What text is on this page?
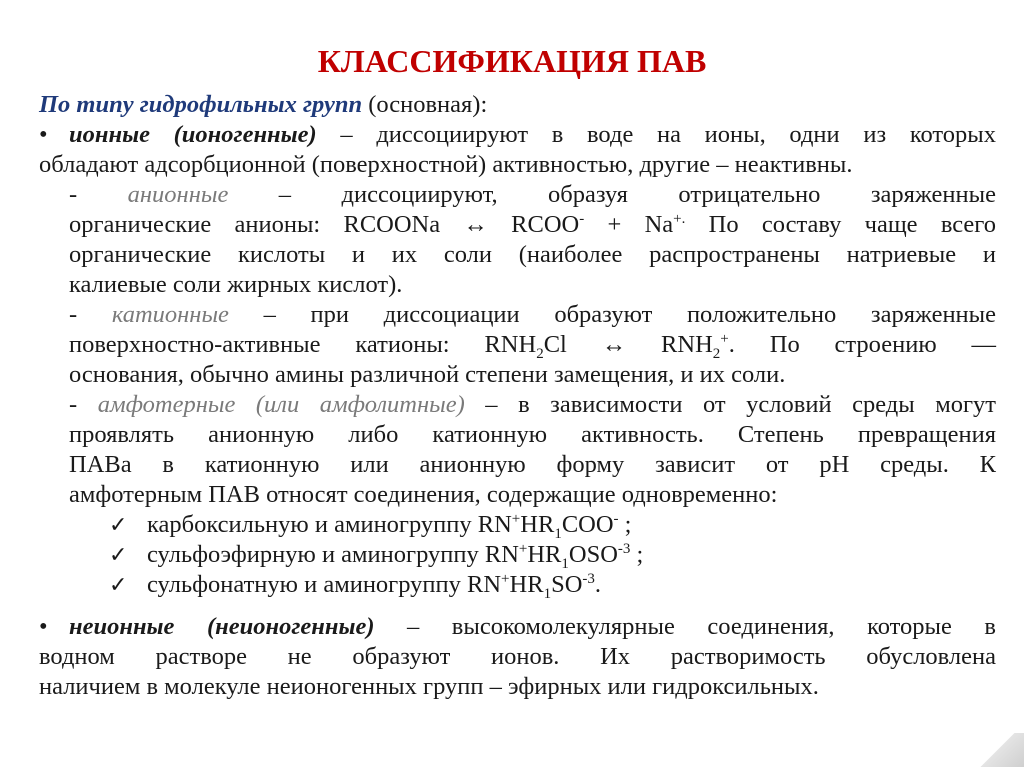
КЛАССИФИКАЦИЯ ПАВ
По типу гидрофильных групп (основная):
• ионные (ионогенные) – диссоциируют в воде на ионы, одни из которых
обладают адсорбционной (поверхностной) активностью, другие – неактивны.
- анионные – диссоциируют, образуя отрицательно заряженные
органические анионы: RCOONa ↔ RCOO- + Na+. По составу чаще всего
органические кислоты и их соли (наиболее распространены натриевые и
калиевые соли жирных кислот).
- катионные – при диссоциации образуют положительно заряженные
поверхностно-активные катионы: $RNH_2Cl$ ↔ $RNH_2^+$. По строению —
основания, обычно амины различной степени замещения, и их соли.
- амфотерные (или амфолитные) – в зависимости от условий среды могут
проявлять анионную либо катионную активность. Степень превращения
ПАВа в катионную или анионную форму зависит от рН среды. К
амфотерным ПАВ относят соединения, содержащие одновременно:
✓ карбоксильную и аминогруппу $RN^+HR_1COO^-$ ;
✓ сульфоэфирную и аминогруппу $RN^+HR_1OSO^{-3}$ ;
✓ сульфонатную и аминогруппу $RN^+HR_1SO^{-3}$.
• неионные (неионогенные) – высокомолекулярные соединения, которые в
водном растворе не образуют ионов. Их растворимость обусловлена
наличием в молекуле неионогенных групп – эфирных или гидроксильных.
